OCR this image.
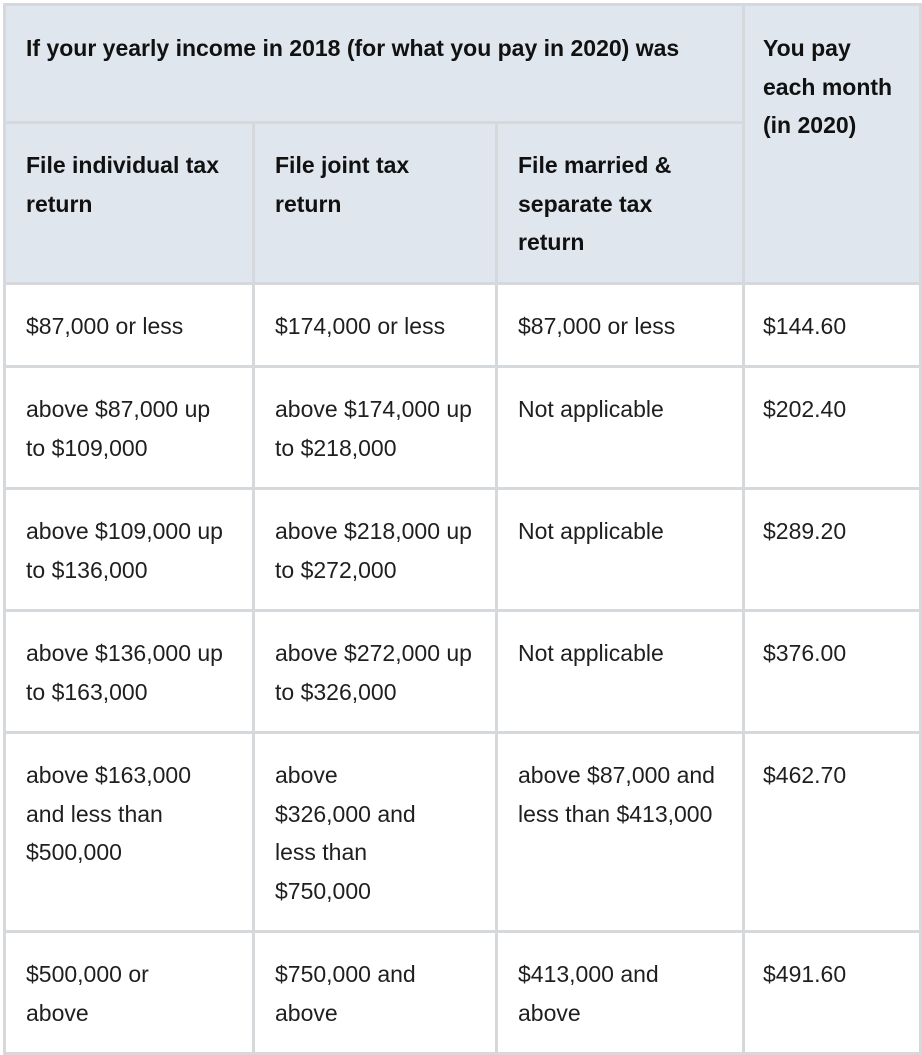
If your yearly income in 2018 (for what you pay in 2020) was			You pay each month (in 2020)

File individual tax return	File joint tax return	File married & separate tax return	

$87,000 or less	$174,000 or less	$87,000 or less	$144.60

above $87,000 up to $109,000	above $174,000 up to $218,000	Not applicable	$202.40

above $109,000 up to $136,000	above $218,000 up to $272,000	Not applicable	$289.20

above $136,000 up to $163,000	above $272,000 up to $326,000	Not applicable	$376.00

above $163,000 and less than $500,000	above $326,000 and less than $750,000	above $87,000 and less than $413,000	$462.70

$500,000 or above	$750,000 and above	$413,000 and above	$491.60
